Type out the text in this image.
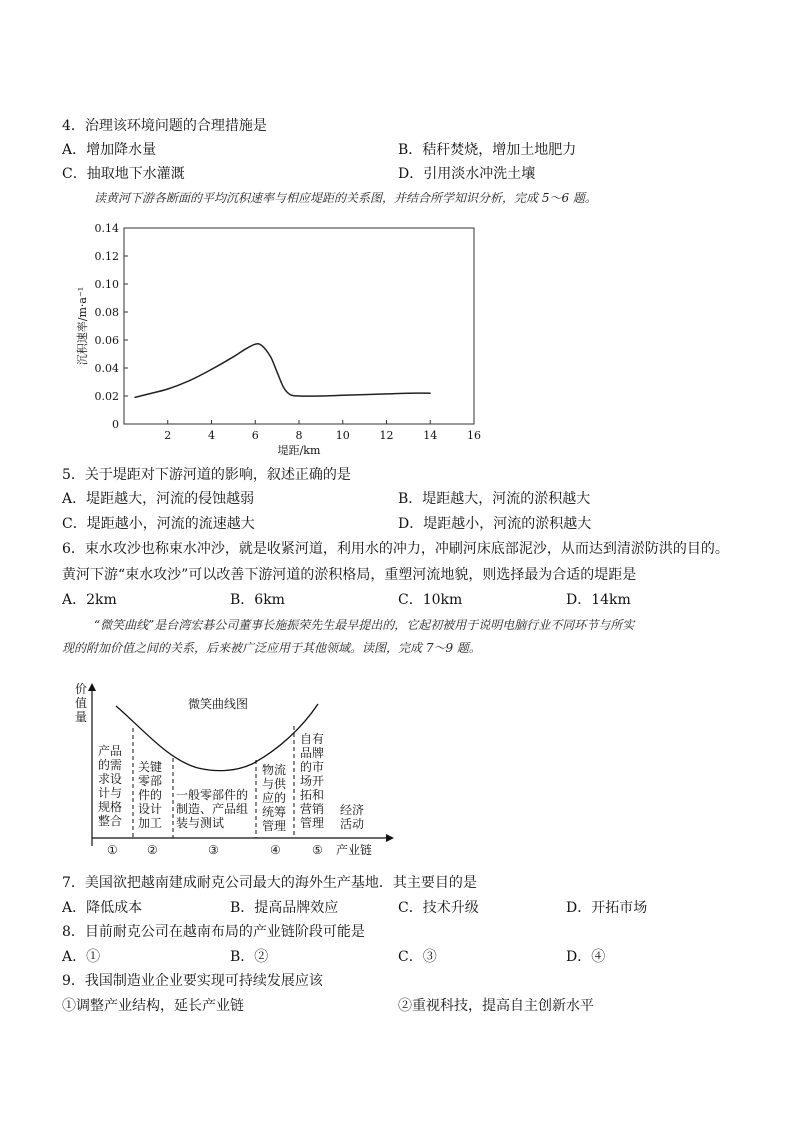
4．治理该环境问题的合理措施是
A．增加降水量	B．秸秆焚烧，增加土地肥力
C．抽取地下水灌溉	D．引用淡水冲洗土壤
读黄河下游各断面的平均沉积速率与相应堤距的关系图，并结合所学知识分析，完成 5～6 题。
0
0.02
0.04
0.06
0.08
0.10
0.12
0.14
2	4	6	8	10	12	14	16
沉积速率/m·a⁻¹
堤距/km
5．关于堤距对下游河道的影响，叙述正确的是
A．堤距越大，河流的侵蚀越弱	B．堤距越大，河流的淤积越大
C．堤距越小，河流的流速越大	D．堤距越小，河流的淤积越大
6．束水攻沙也称束水冲沙，就是收紧河道，利用水的冲力，冲刷河床底部泥沙，从而达到清淤防洪的目的。
黄河下游“束水攻沙”可以改善下游河道的淤积格局，重塑河流地貌，则选择最为合适的堤距是
A．2km	B．6km	C．10km	D．14km
“微笑曲线”是台湾宏碁公司董事长施振荣先生最早提出的，它起初被用于说明电脑行业不同环节与所实
现的附加价值之间的关系，后来被广泛应用于其他领域。读图，完成 7～9 题。
价
值
量
微笑曲线图
产品
的需
求设
计与
规格
整合
关键
零部
件的
设计
加工
一般零部件的
制造、产品组
装与测试
物流
与供
应的
统筹
管理
自有
品牌
的市
场开
拓和
营销
管理
经济
活动
① ②	③	④	⑤ 产业链
7．美国欲把越南建成耐克公司最大的海外生产基地．其主要目的是
A．降低成本	B．提高品牌效应	C．技术升级	D．开拓市场
8．目前耐克公司在越南布局的产业链阶段可能是
A．①	B．②	C．③	D．④
9．我国制造业企业要实现可持续发展应该
①调整产业结构，延长产业链	②重视科技，提高自主创新水平
